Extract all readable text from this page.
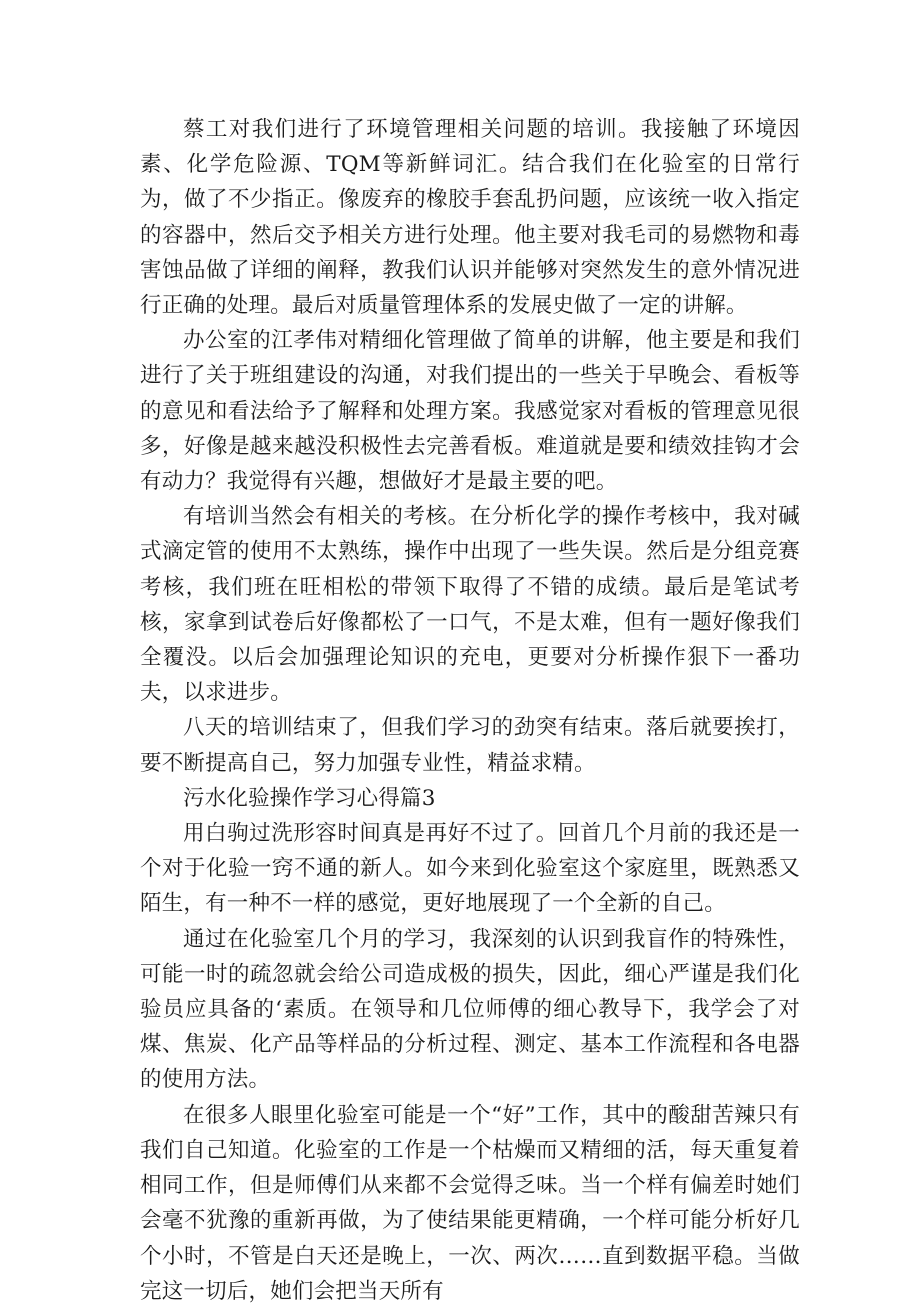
蔡工对我们进行了环境管理相关问题的培训。我接触了环境因素、化学危险源、TQM等新鲜词汇。结合我们在化验室的日常行为，做了不少指正。像废弃的橡胶手套乱扔问题，应该统一收入指定的容器中，然后交予相关方进行处理。他主要对我毛司的易燃物和毒害蚀品做了详细的阐释，教我们认识并能够对突然发生的意外情况进行正确的处理。最后对质量管理体系的发展史做了一定的讲解。

办公室的江孝伟对精细化管理做了简单的讲解，他主要是和我们进行了关于班组建设的沟通，对我们提出的一些关于早晚会、看板等的意见和看法给予了解释和处理方案。我感觉家对看板的管理意见很多，好像是越来越没积极性去完善看板。难道就是要和绩效挂钩才会有动力？我觉得有兴趣，想做好才是最主要的吧。

有培训当然会有相关的考核。在分析化学的操作考核中，我对碱式滴定管的使用不太熟练，操作中出现了一些失误。然后是分组竞赛考核，我们班在旺相松的带领下取得了不错的成绩。最后是笔试考核，家拿到试卷后好像都松了一口气，不是太难，但有一题好像我们全覆没。以后会加强理论知识的充电，更要对分析操作狠下一番功夫，以求进步。

八天的培训结束了，但我们学习的劲突有结束。落后就要挨打，要不断提高自己，努力加强专业性，精益求精。

污水化验操作学习心得篇3

用白驹过洗形容时间真是再好不过了。回首几个月前的我还是一个对于化验一窍不通的新人。如今来到化验室这个家庭里，既熟悉又陌生，有一种不一样的感觉，更好地展现了一个全新的自己。

通过在化验室几个月的学习，我深刻的认识到我盲作的特殊性，可能一时的疏忽就会给公司造成极的损失，因此，细心严谨是我们化验员应具备的‘素质。在领导和几位师傅的细心教导下，我学会了对煤、焦炭、化产品等样品的分析过程、测定、基本工作流程和各电器的使用方法。

在很多人眼里化验室可能是一个“好”工作，其中的酸甜苦辣只有我们自己知道。化验室的工作是一个枯燥而又精细的活，每天重复着相同工作，但是师傅们从来都不会觉得乏味。当一个样有偏差时她们会毫不犹豫的重新再做，为了使结果能更精确，一个样可能分析好几个小时，不管是白天还是晚上，一次、两次……直到数据平稳。当做完这一切后，她们会把当天所有
